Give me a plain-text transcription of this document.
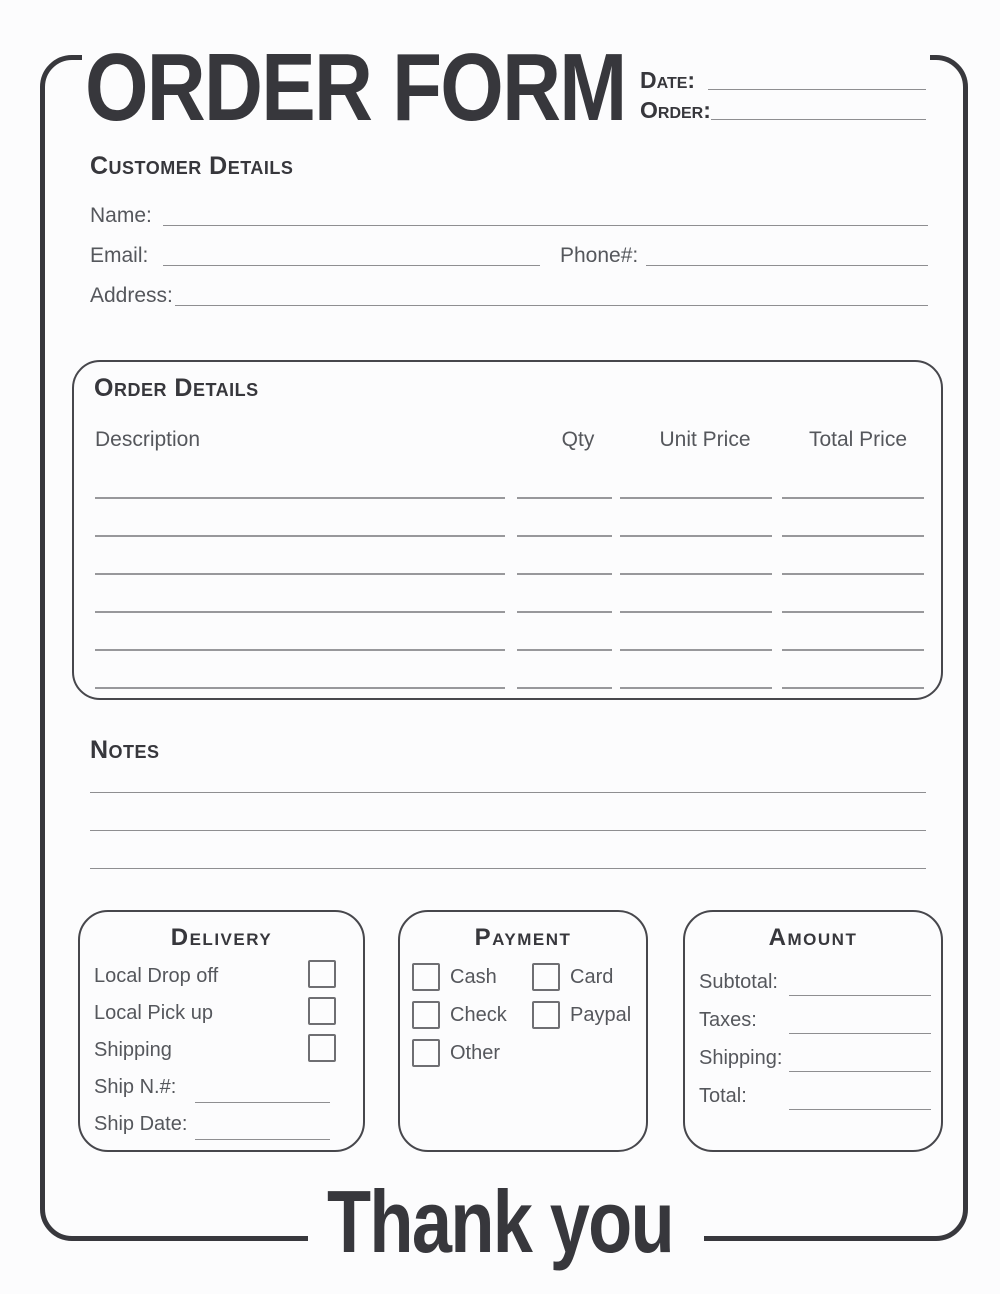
ORDER FORM Date:
Order:
Customer Details
Name:
Email:	Phone#:
Address:
Order Details
Description	Qty	Unit Price	Total Price
Notes
Delivery
Local Drop off
Local Pick up
Shipping
Ship N.#:
Ship Date:
Payment
Cash
Check
Other
Card
Paypal
Amount
Subtotal:
Taxes:
Shipping:
Total:
Thank you
